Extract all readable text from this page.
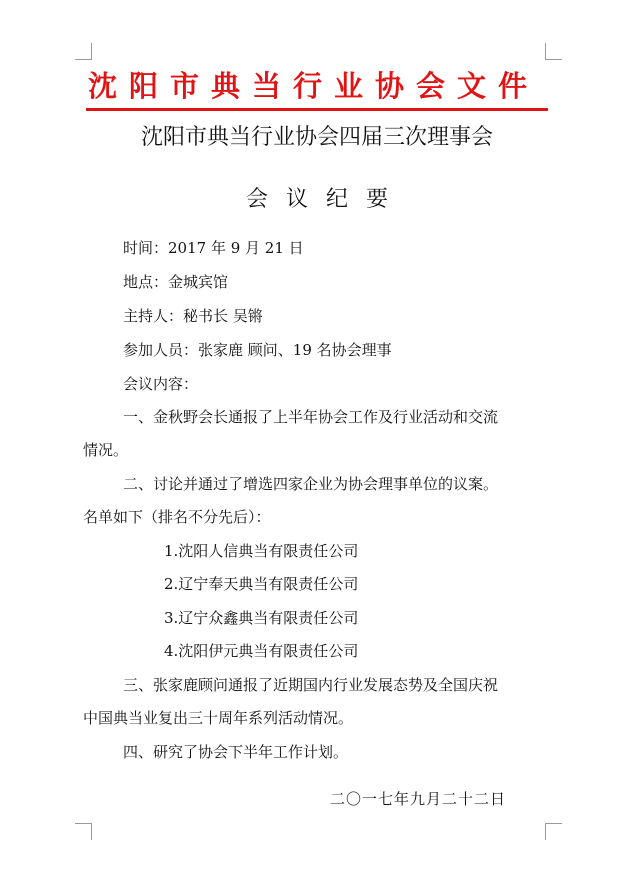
沈阳市典当行业协会文件
沈阳市典当行业协会四届三次理事会
会议纪要
时间：2017 年 9 月 21 日
地点：金城宾馆
主持人：秘书长 吴锵
参加人员：张家鹿 顾问、19 名协会理事
会议内容：
一、金秋野会长通报了上半年协会工作及行业活动和交流
情况。
二、讨论并通过了增选四家企业为协会理事单位的议案。
名单如下（排名不分先后）：
1.沈阳人信典当有限责任公司
2.辽宁奉天典当有限责任公司
3.辽宁众鑫典当有限责任公司
4.沈阳伊元典当有限责任公司
三、张家鹿顾问通报了近期国内行业发展态势及全国庆祝
中国典当业复出三十周年系列活动情况。
四、研究了协会下半年工作计划。
二〇一七年九月二十二日
